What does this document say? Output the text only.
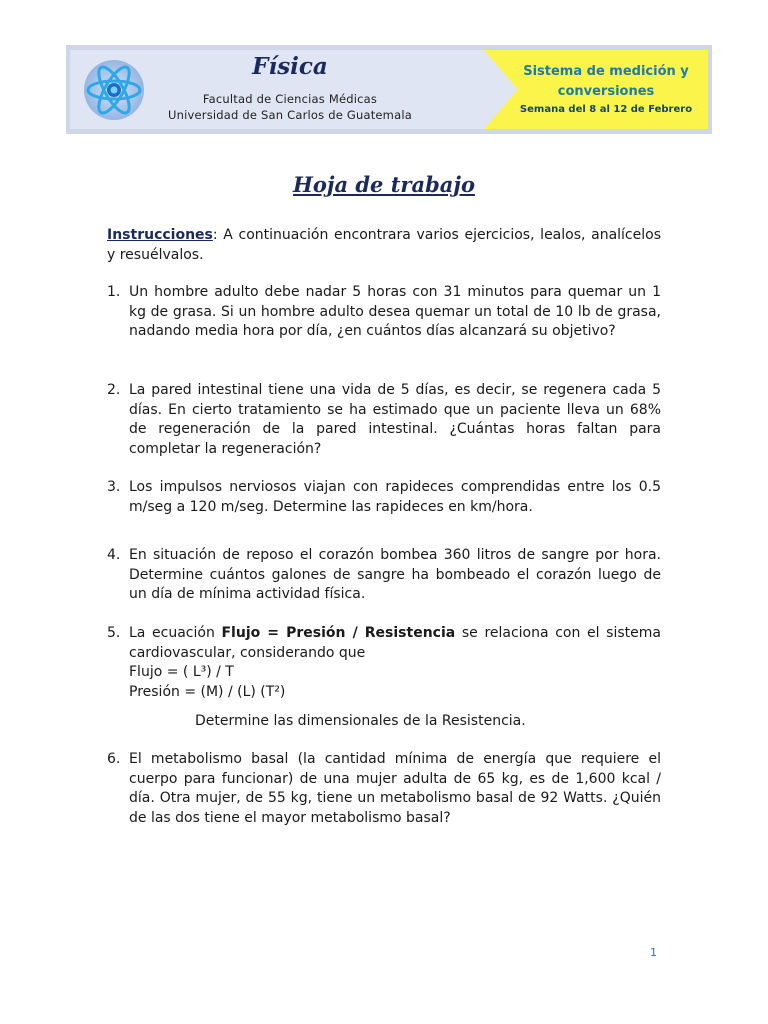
Física
Facultad de Ciencias Médicas
Universidad de San Carlos de Guatemala
Sistema de medición y conversiones
Semana del 8 al 12 de Febrero
Hoja de trabajo
Instrucciones: A continuación encontrara varios ejercicios, lealos, analícelos y resuélvalos.
1. Un hombre adulto debe nadar 5 horas con 31 minutos para quemar un 1 kg de grasa. Si un hombre adulto desea quemar un total de 10 lb de grasa, nadando media hora por día, ¿en cuántos días alcanzará su objetivo?
2. La pared intestinal tiene una vida de 5 días, es decir, se regenera cada 5 días. En cierto tratamiento se ha estimado que un paciente lleva un 68% de regeneración de la pared intestinal. ¿Cuántas horas faltan para completar la regeneración?
3. Los impulsos nerviosos viajan con rapideces comprendidas entre los 0.5 m/seg a 120 m/seg. Determine las rapideces en km/hora.
4. En situación de reposo el corazón bombea 360 litros de sangre por hora. Determine cuántos galones de sangre ha bombeado el corazón luego de un día de mínima actividad física.
5. La ecuación Flujo = Presión / Resistencia se relaciona con el sistema cardiovascular, considerando que
Flujo = ( L³) / T
Presión = (M) / (L) (T²)
Determine las dimensionales de la Resistencia.
6. El metabolismo basal (la cantidad mínima de energía que requiere el cuerpo para funcionar) de una mujer adulta de 65 kg, es de 1,600 kcal / día. Otra mujer, de 55 kg, tiene un metabolismo basal de 92 Watts. ¿Quién de las dos tiene el mayor metabolismo basal?
1
